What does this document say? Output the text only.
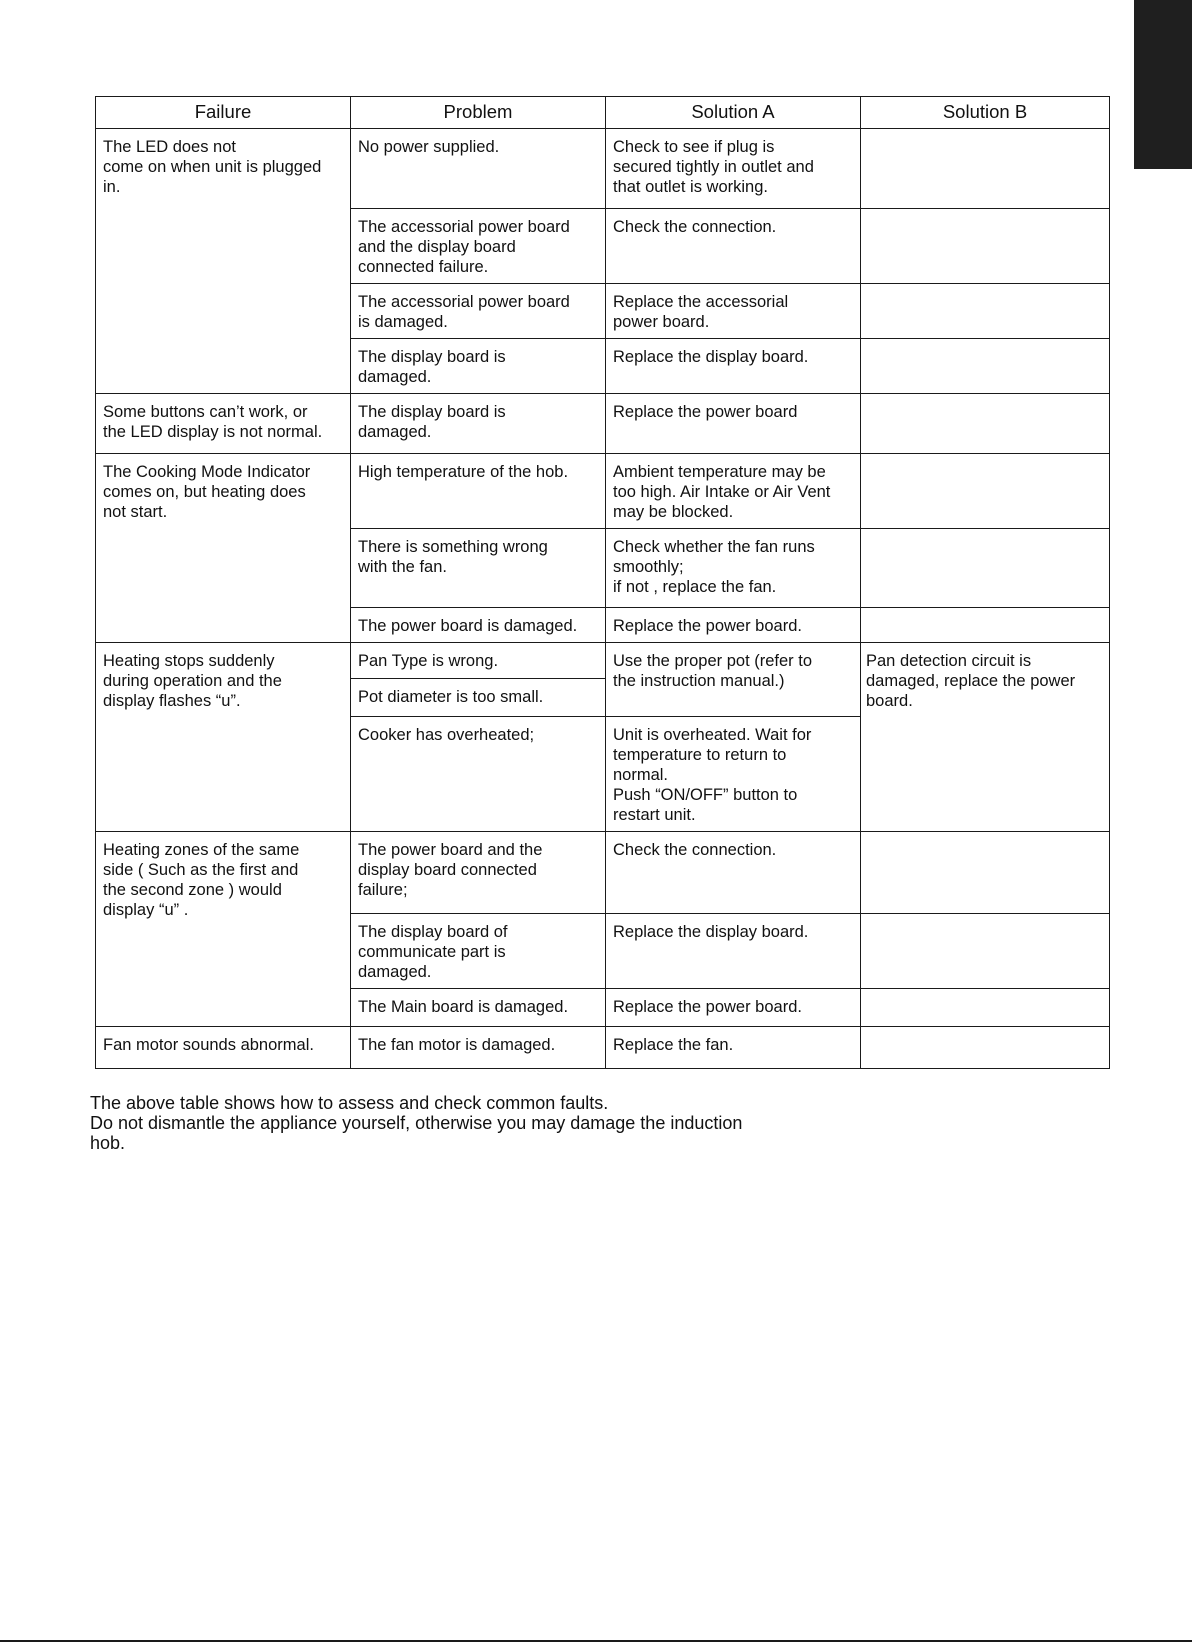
Failure	Problem	Solution A	Solution B

The LED does not
come on when unit is plugged
in.	No power supplied.	Check to see if plug is
secured tightly in outlet and
that outlet is working.	

	The accessorial power board
and the display board
connected failure.	Check the connection.	

	The accessorial power board
is damaged.	Replace the accessorial
power board.	

	The display board is
damaged.	Replace the display board.	

Some buttons can’t work, or
the LED display is not normal.	The display board is
damaged.	Replace the power board	

The Cooking Mode Indicator
comes on, but heating does
not start.	High temperature of the hob.	Ambient temperature may be
too high. Air Intake or Air Vent
may be blocked.	

	There is something wrong
with the fan.	Check whether the fan runs
smoothly;
if not , replace the fan.	

	The power board is damaged.	Replace the power board.	

Heating stops suddenly
during operation and the
display flashes “u”.	Pan Type is wrong.	Use the proper pot (refer to
the instruction manual.)	Pan detection circuit is
damaged, replace the power
board.

	Pot diameter is too small.		

	Cooker has overheated;	Unit is overheated. Wait for
temperature to return to
normal.
Push “ON/OFF” button to
restart unit.	

Heating zones of the same
side ( Such as the first and
the second zone ) would
display “u” .	The power board and the
display board connected
failure;	Check the connection.	

	The display board of
communicate part is
damaged.	Replace the display board.	

	The Main board is damaged.	Replace the power board.	

Fan motor sounds abnormal.	The fan motor is damaged.	Replace the fan.	

The above table shows how to assess and check common faults.

Do not dismantle the appliance yourself, otherwise you may damage the induction
hob.
